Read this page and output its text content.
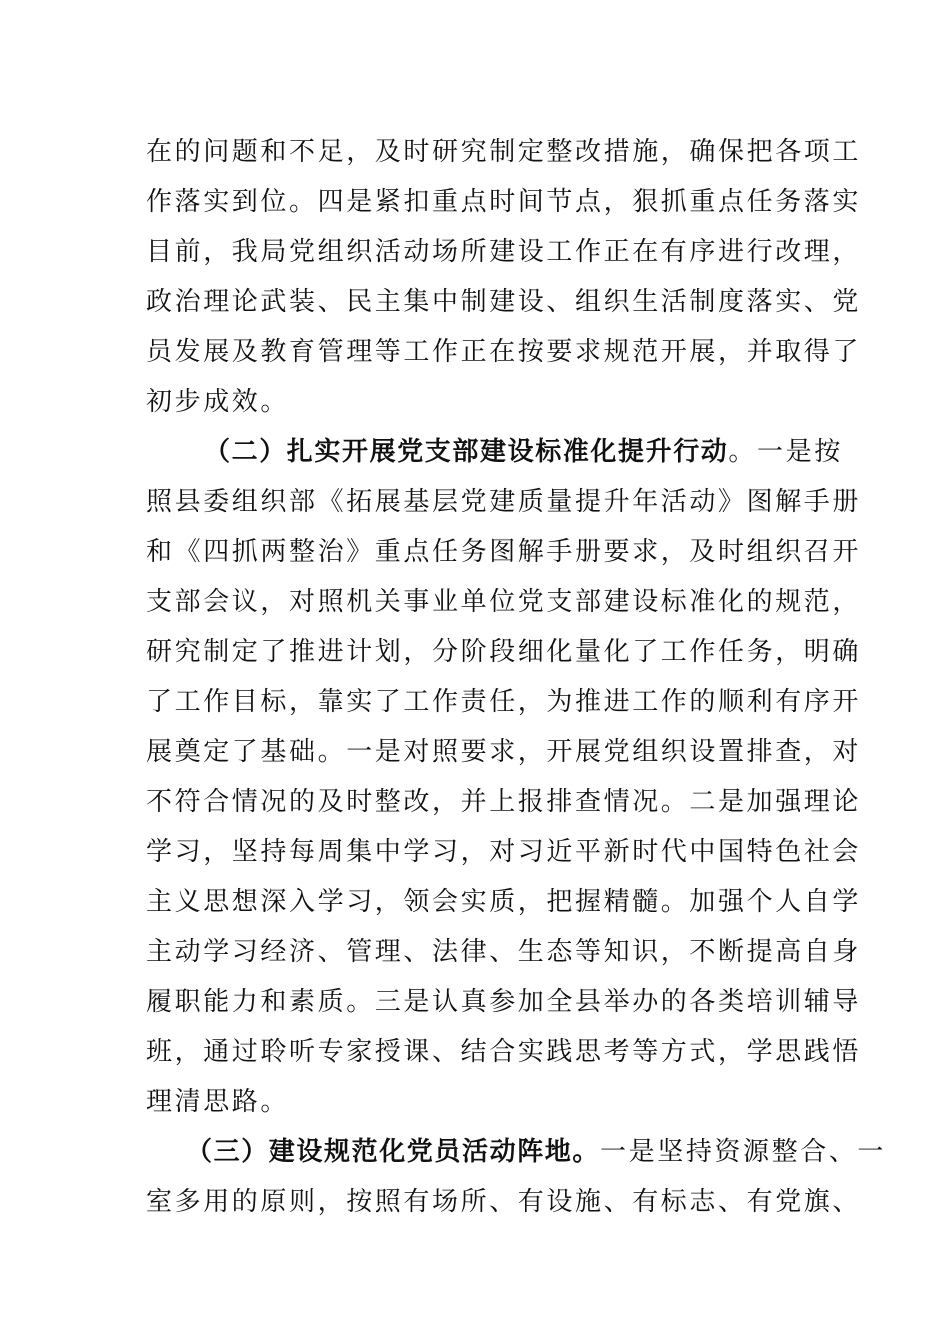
在的问题和不足，及时研究制定整改措施，确保把各项工
作落实到位。四是紧扣重点时间节点，狠抓重点任务落实
目前，我局党组织活动场所建设工作正在有序进行改理，
政治理论武装、民主集中制建设、组织生活制度落实、党
员发展及教育管理等工作正在按要求规范开展，并取得了
初步成效。
（二）扎实开展党支部建设标准化提升行动。一是按
照县委组织部《拓展基层党建质量提升年活动》图解手册
和《四抓两整治》重点任务图解手册要求，及时组织召开
支部会议，对照机关事业单位党支部建设标准化的规范，
研究制定了推进计划，分阶段细化量化了工作任务，明确
了工作目标，靠实了工作责任，为推进工作的顺利有序开
展奠定了基础。一是对照要求，开展党组织设置排查，对
不符合情况的及时整改，并上报排查情况。二是加强理论
学习，坚持每周集中学习，对习近平新时代中国特色社会
主义思想深入学习，领会实质，把握精髓。加强个人自学
主动学习经济、管理、法律、生态等知识，不断提高自身
履职能力和素质。三是认真参加全县举办的各类培训辅导
班，通过聆听专家授课、结合实践思考等方式，学思践悟
理清思路。
（三）建设规范化党员活动阵地。一是坚持资源整合、一
室多用的原则，按照有场所、有设施、有标志、有党旗、
